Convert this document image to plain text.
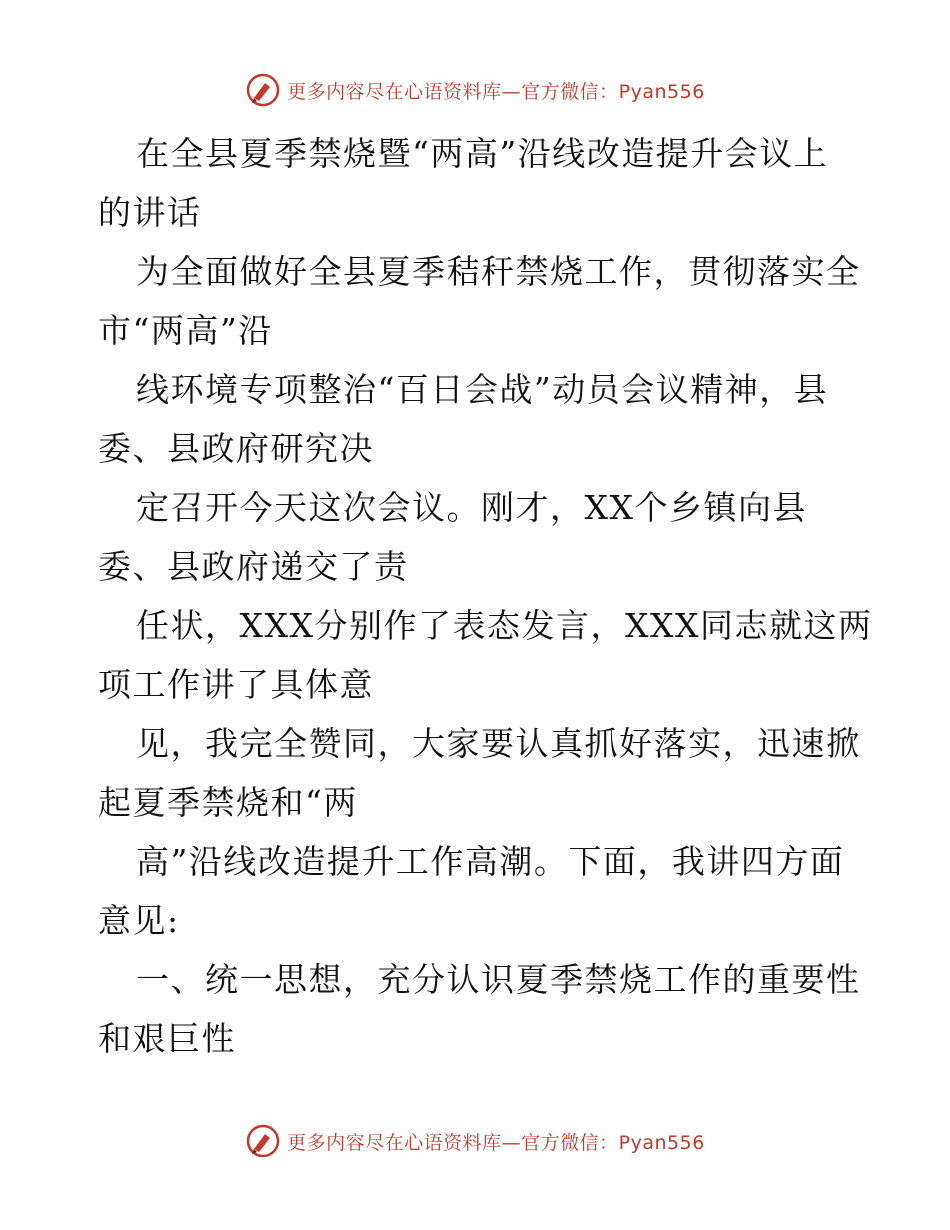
更多内容尽在心语资料库—官方微信：Pyan556
在全县夏季禁烧暨“两高”沿线改造提升会议上
的讲话
为全面做好全县夏季秸秆禁烧工作，贯彻落实全
市“两高”沿
线环境专项整治“百日会战”动员会议精神，县
委、县政府研究决
定召开今天这次会议。刚才，XX个乡镇向县
委、县政府递交了责
任状，XXX分别作了表态发言，XXX同志就这两
项工作讲了具体意
见，我完全赞同，大家要认真抓好落实，迅速掀
起夏季禁烧和“两
高”沿线改造提升工作高潮。下面，我讲四方面
意见:
一、统一思想，充分认识夏季禁烧工作的重要性
和艰巨性
更多内容尽在心语资料库—官方微信：Pyan556
